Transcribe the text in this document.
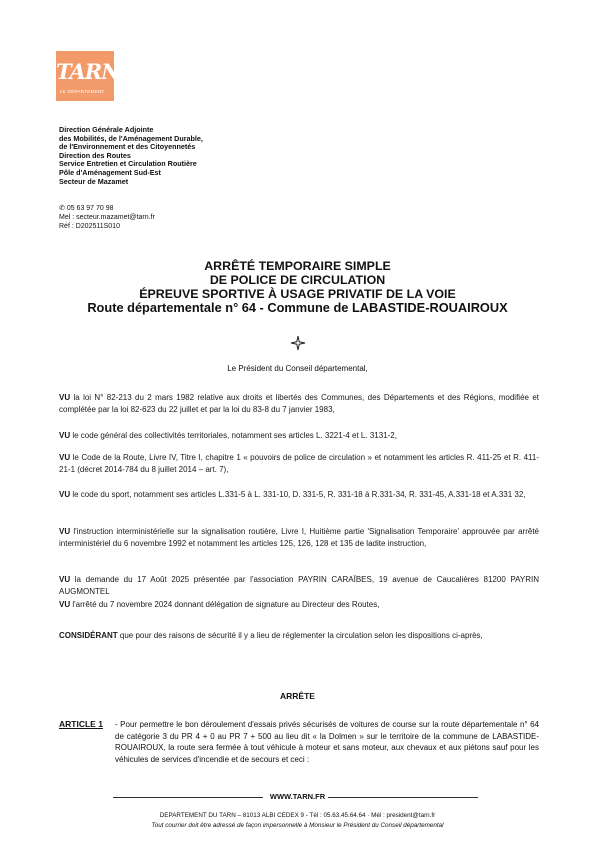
TARN
LE DÉPARTEMENT
Direction Générale Adjointe
des Mobilités, de l'Aménagement Durable,
de l'Environnement et des Citoyennetés
Direction des Routes
Service Entretien et Circulation Routière
Pôle d'Aménagement Sud-Est
Secteur de Mazamet
✆ 05 63 97 70 98
Mel : secteur.mazamet@tarn.fr
Réf : D202511S010
ARRÊTÉ TEMPORAIRE SIMPLE
DE POLICE DE CIRCULATION
ÉPREUVE SPORTIVE À USAGE PRIVATIF DE LA VOIE
Route départementale n° 64 - Commune de LABASTIDE-ROUAIROUX
Le Président du Conseil départemental,
VU la loi N° 82-213 du 2 mars 1982 relative aux droits et libertés des Communes, des Départements et des Régions, modifiée et complétée par la loi 82-623 du 22 juillet et par la loi du 83-8 du 7 janvier 1983,
VU le code général des collectivités territoriales, notamment ses articles L. 3221-4 et L. 3131-2,
VU le Code de la Route, Livre IV, Titre I, chapitre 1 « pouvoirs de police de circulation » et notamment les articles R. 411-25 et R. 411-21-1 (décret 2014-784 du 8 juillet 2014 – art. 7),
VU le code du sport, notamment ses articles L.331-5 à L. 331-10, D. 331-5, R. 331-18 à R.331-34, R. 331-45, A.331-18 et A.331 32,
VU l'instruction interministérielle sur la signalisation routière, Livre I, Huitième partie 'Signalisation Temporaire' approuvée par arrêté interministériel du 6 novembre 1992 et notamment les articles 125, 126, 128 et 135 de ladite instruction,
VU la demande du 17 Août 2025 présentée par l'association PAYRIN CARAÏBES, 19 avenue de Caucalières 81200 PAYRIN AUGMONTEL
VU l'arrêté du 7 novembre 2024 donnant délégation de signature au Directeur des Routes,
CONSIDÉRANT que pour des raisons de sécurité il y a lieu de réglementer la circulation selon les dispositions ci-après,
ARRÊTE
ARTICLE 1 - Pour permettre le bon déroulement d'essais privés sécurisés de voitures de course sur la route départementale n° 64 de catégorie 3 du PR 4 + 0 au PR 7 + 500 au lieu dit « la Dolmen » sur le territoire de la commune de LABASTIDE-ROUAIROUX, la route sera fermée à tout véhicule à moteur et sans moteur, aux chevaux et aux piétons sauf pour les véhicules de services d'incendie et de secours et ceci :
WWW.TARN.FR
DEPARTEMENT DU TARN – 81013 ALBI CEDEX 9 - Tél : 05.63.45.64.64 · Mél : president@tarn.fr
Tout courrier doit être adressé de façon impersonnelle à Monsieur le Président du Conseil départemental
